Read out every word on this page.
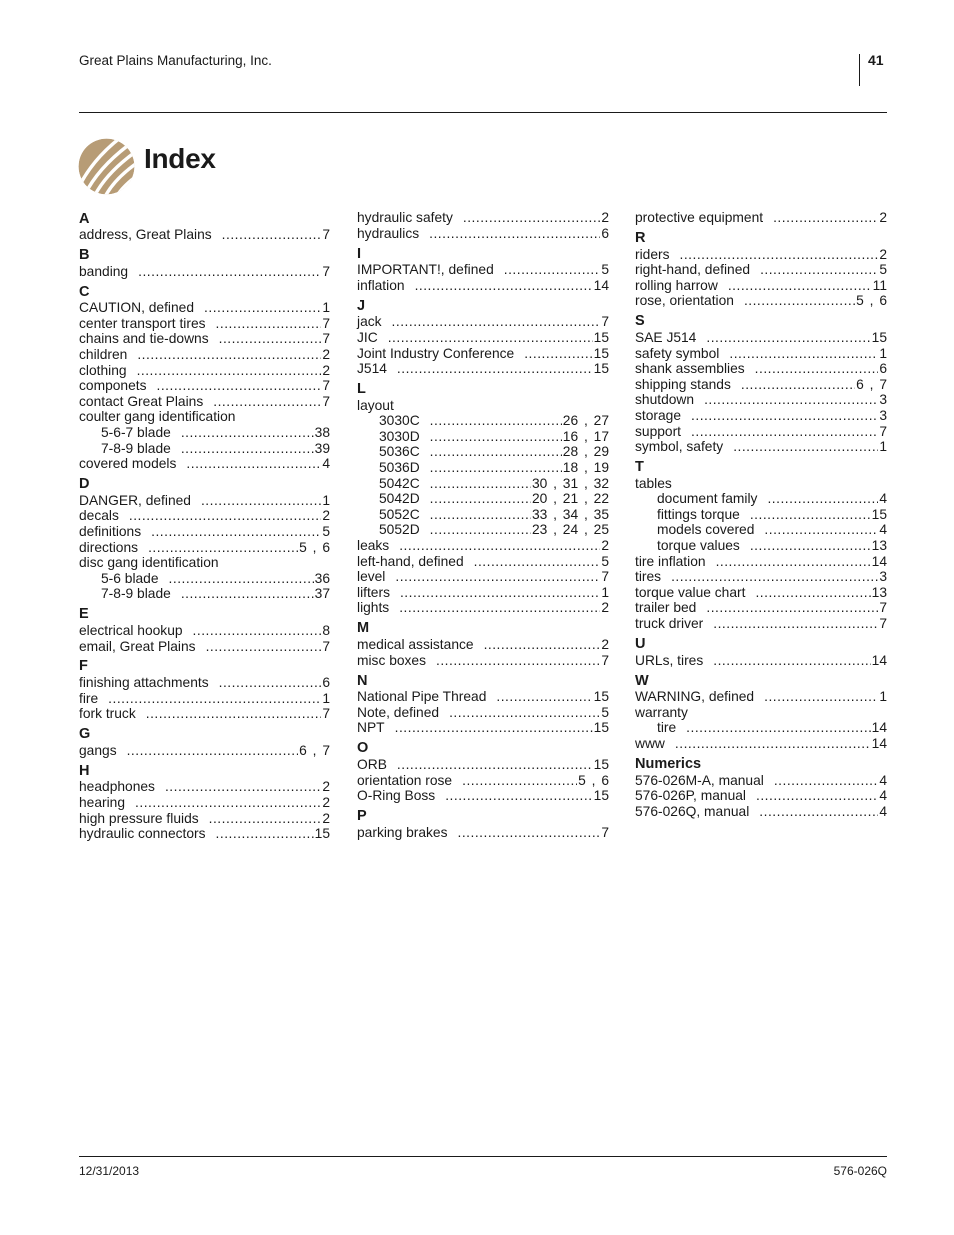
Great Plains Manufacturing, Inc.	41
Index
A
address, Great Plains .....	7
B
banding .....	7
C
CAUTION, defined .....	1
center transport tires .....	7
chains and tie-downs .....	7
children .....	2
clothing .....	2
componets .....	7
contact Great Plains .....	7
coulter gang identification
5-6-7 blade .....	38
7-8-9 blade .....	39
covered models .....	4
D
DANGER, defined .....	1
decals .....	2
definitions .....	5
directions .....	5 , 6
disc gang identification
5-6 blade .....	36
7-8-9 blade .....	37
E
electrical hookup .....	8
email, Great Plains .....	7
F
finishing attachments .....	6
fire .....	1
fork truck .....	7
G
gangs .....	6 , 7
H
headphones .....	2
hearing .....	2
high pressure fluids .....	2
hydraulic connectors .....	15
hydraulic safety .....	2
hydraulics .....	6
I
IMPORTANT!, defined .....	5
inflation .....	14
J
jack .....	7
JIC .....	15
Joint Industry Conference .....	15
J514 .....	15
L
layout
3030C .....	26 , 27
3030D .....	16 , 17
5036C .....	28 , 29
5036D .....	18 , 19
5042C .....	30 , 31 , 32
5042D .....	20 , 21 , 22
5052C .....	33 , 34 , 35
5052D .....	23 , 24 , 25
leaks .....	2
left-hand, defined .....	5
level .....	7
lifters .....	1
lights .....	2
M
medical assistance .....	2
misc boxes .....	7
N
National Pipe Thread .....	15
Note, defined .....	5
NPT .....	15
O
ORB .....	15
orientation rose .....	5 , 6
O-Ring Boss .....	15
P
parking brakes .....	7
protective equipment .....	2
R
riders .....	2
right-hand, defined .....	5
rolling harrow .....	11
rose, orientation .....	5 , 6
S
SAE J514 .....	15
safety symbol .....	1
shank assemblies .....	6
shipping stands .....	6 , 7
shutdown .....	3
storage .....	3
support .....	7
symbol, safety .....	1
T
tables
document family .....	4
fittings torque .....	15
models covered .....	4
torque values .....	13
tire inflation .....	14
tires .....	3
torque value chart .....	13
trailer bed .....	7
truck driver .....	7
U
URLs, tires .....	14
W
WARNING, defined .....	1
warranty
tire .....	14
www .....	14
Numerics
576-026M-A, manual .....	4
576-026P, manual .....	4
576-026Q, manual .....	4
12/31/2013	576-026Q
